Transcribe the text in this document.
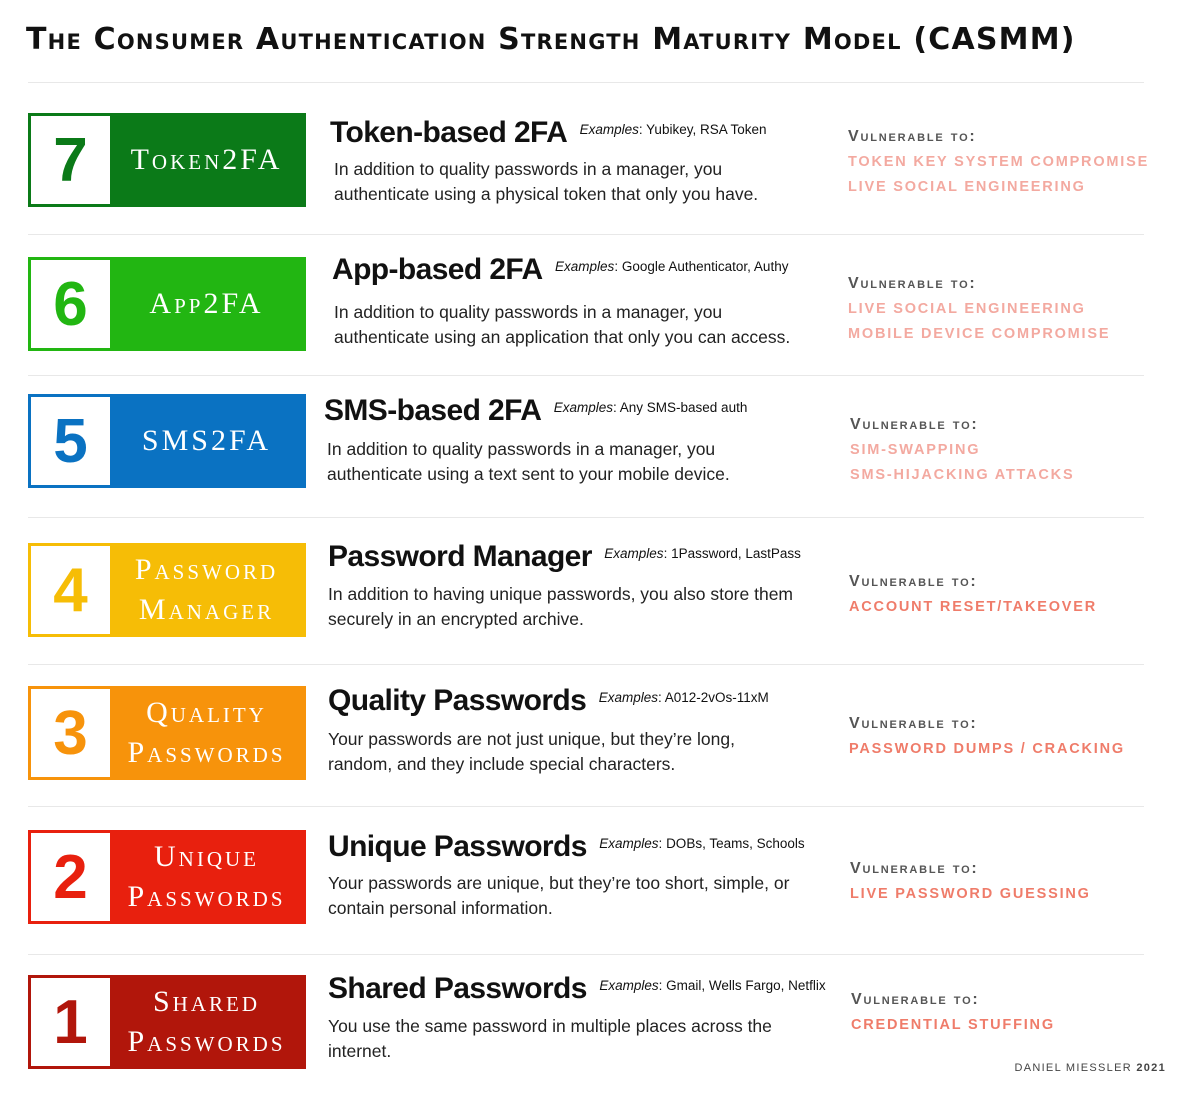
The Consumer Authentication Strength Maturity Model (CASMM)
7	Token2FA
Token-based 2FA $^{Examples: Yubikey, RSA Token}$
In addition to quality passwords in a manager, you authenticate using a physical token that only you have.
Vulnerable to:
TOKEN KEY SYSTEM COMPROMISE
LIVE SOCIAL ENGINEERING
6	App2FA
App-based 2FA $^{Examples: Google Authenticator, Authy}$
In addition to quality passwords in a manager, you authenticate using an application that only you can access.
Vulnerable to:
LIVE SOCIAL ENGINEERING
MOBILE DEVICE COMPROMISE
5	SMS2FA
SMS-based 2FA $^{Examples: Any SMS-based auth}$
In addition to quality passwords in a manager, you authenticate using a text sent to your mobile device.
Vulnerable to:
SIM-SWAPPING
SMS-HIJACKING ATTACKS
4	Password
Manager
Password Manager $^{Examples: 1Password, LastPass}$
In addition to having unique passwords, you also store them securely in an encrypted archive.
Vulnerable to:
ACCOUNT RESET/TAKEOVER
3	Quality
Passwords
Quality Passwords $^{Examples: A012-2vOs-11xM}$
Your passwords are not just unique, but they’re long, random, and they include special characters.
Vulnerable to:
PASSWORD DUMPS / CRACKING
2	Unique
Passwords
Unique Passwords $^{Examples: DOBs, Teams, Schools}$
Your passwords are unique, but they’re too short, simple, or contain personal information.
Vulnerable to:
LIVE PASSWORD GUESSING
1	Shared
Passwords
Shared Passwords $^{Examples: Gmail, Wells Fargo, Netflix}$
You use the same password in multiple places across the internet.
Vulnerable to:
CREDENTIAL STUFFING
DANIEL MIESSLER 2021
